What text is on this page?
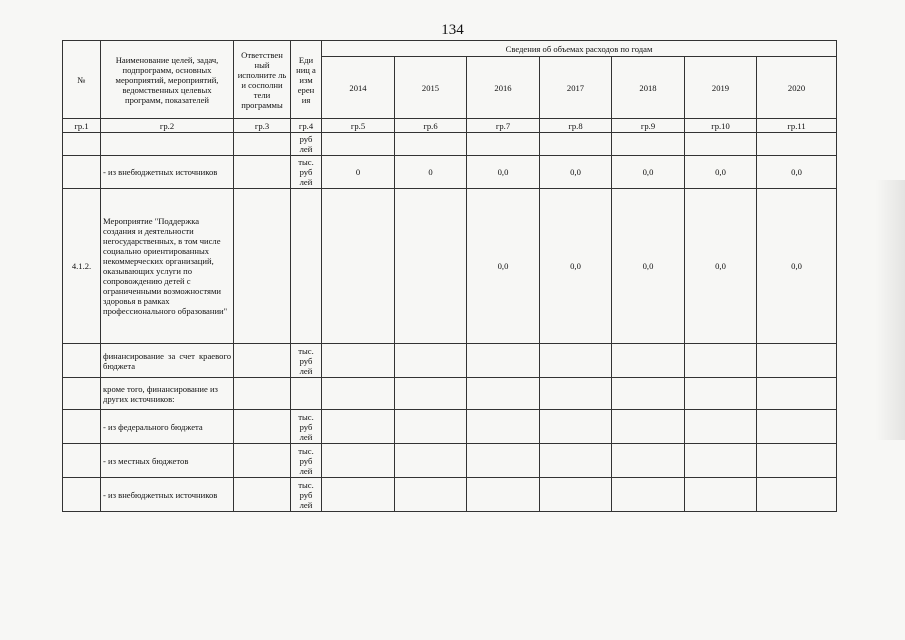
134
№	Наименование целей, задач, подпрограмм, основных мероприятий, мероприятий, ведомственных целевых программ, показателей	Ответствен ный исполните ль и сосполни тели программы	Еди ниц а изм ерен ия	Сведения об объемах расходов по годам						
				2014	2015	2016	2017	2018	2019	2020
гр.1	гр.2	гр.3	гр.4	гр.5	гр.6	гр.7	гр.8	гр.9	гр.10	гр.11
			руб лей							
	- из внебюджетных источников		тыс. руб лей	0	0	0,0	0,0	0,0	0,0	0,0
4.1.2.	Мероприятие "Поддержка создания и деятельности негосударственных, в том числе социально ориентированных некоммерческих организаций, оказывающих услуги по сопровождению детей с ограниченными возможностями здоровья в рамках профессионального образовании"					0,0	0,0	0,0	0,0	0,0
	финансирование за счет краевого бюджета		тыс. руб лей							
	кроме того, финансирование из других источников:									
	- из федерального бюджета		тыс. руб лей							
	- из местных бюджетов		тыс. руб лей							
	- из внебюджетных источников		тыс. руб лей							
